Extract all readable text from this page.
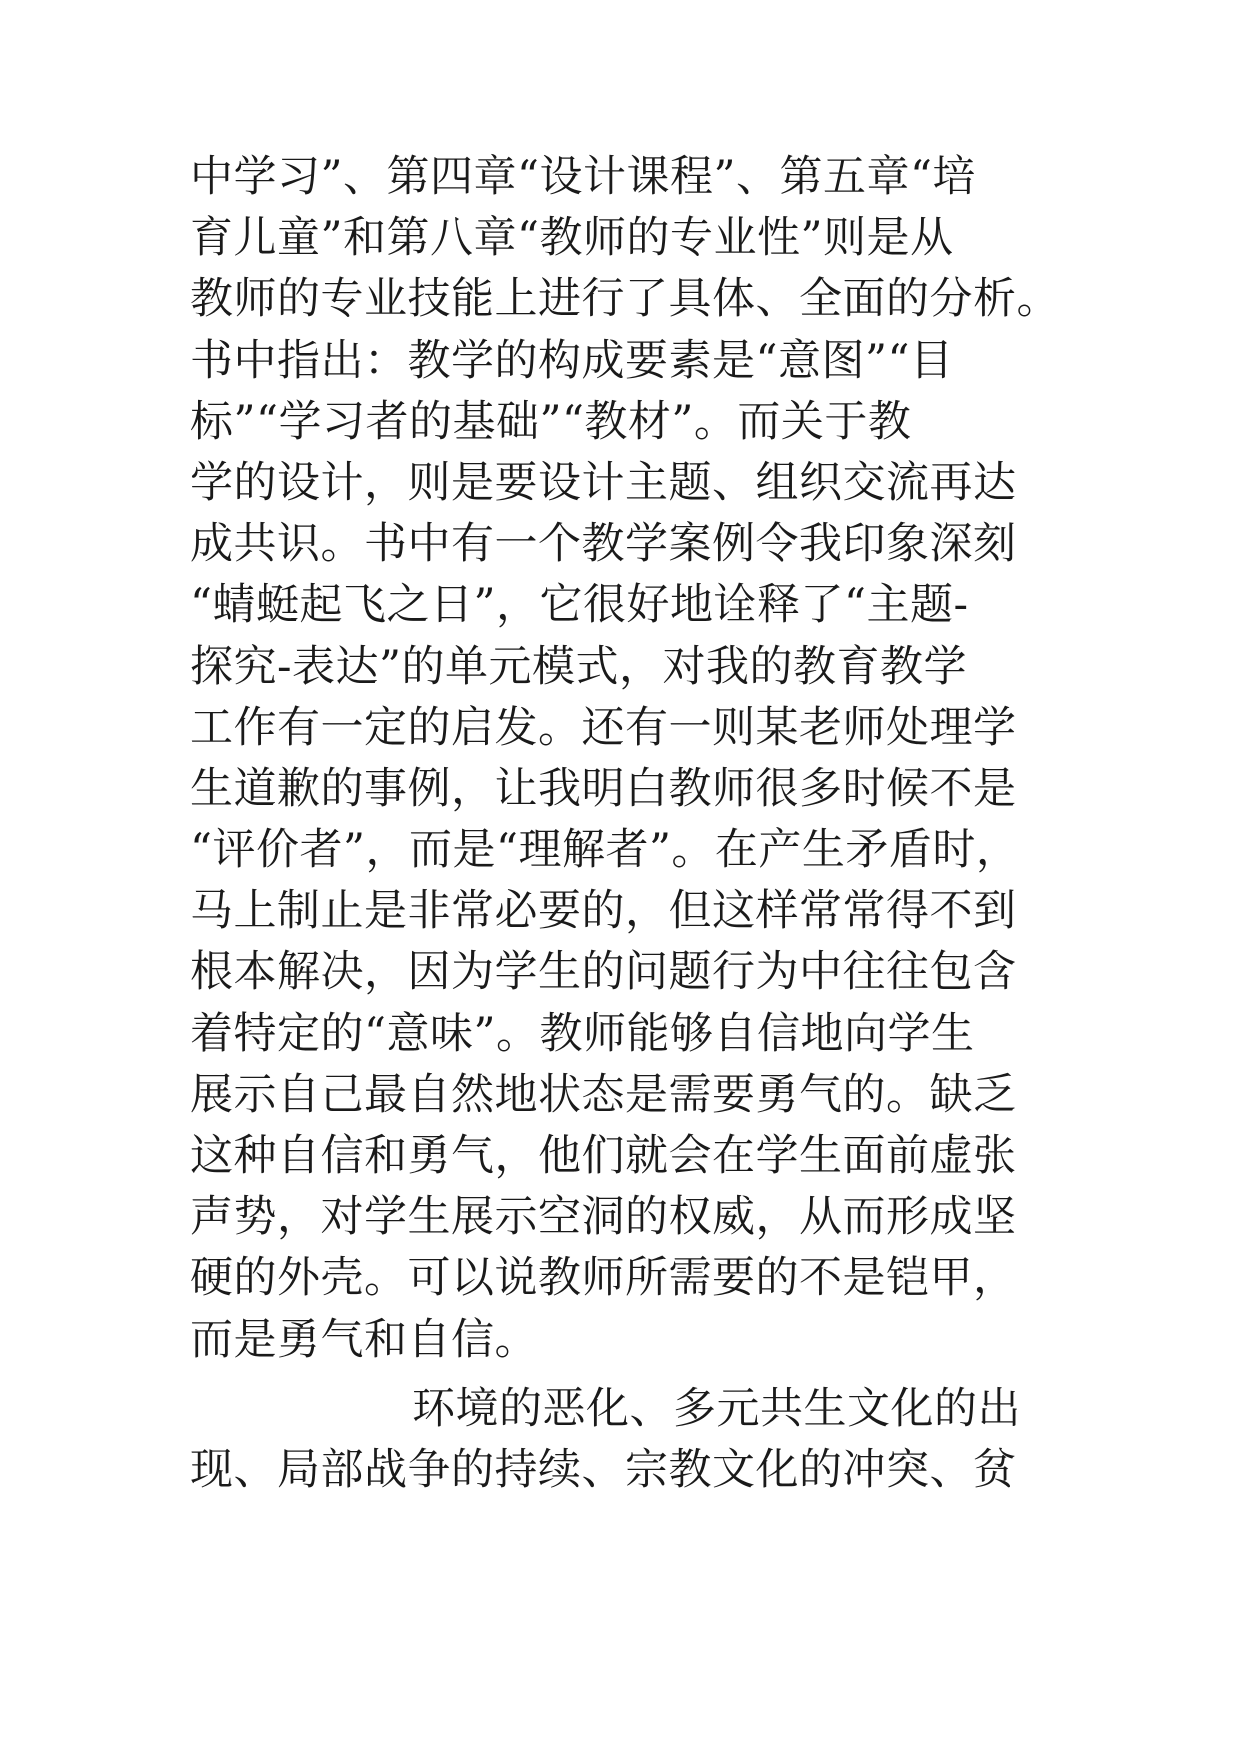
中学习”、第四章“设计课程”、第五章“培
育儿童”和第八章“教师的专业性”则是从
教师的专业技能上进行了具体、全面的分析。
书中指出：教学的构成要素是“意图”“目
标”“学习者的基础”“教材”。而关于教
学的设计，则是要设计主题、组织交流再达
成共识。书中有一个教学案例令我印象深刻
“蜻蜓起飞之日”，它很好地诠释了“主题-
探究-表达”的单元模式，对我的教育教学
工作有一定的启发。还有一则某老师处理学
生道歉的事例，让我明白教师很多时候不是
“评价者”，而是“理解者”。在产生矛盾时，
马上制止是非常必要的，但这样常常得不到
根本解决，因为学生的问题行为中往往包含
着特定的“意味”。教师能够自信地向学生
展示自己最自然地状态是需要勇气的。缺乏
这种自信和勇气，他们就会在学生面前虚张
声势，对学生展示空洞的权威，从而形成坚
硬的外壳。可以说教师所需要的不是铠甲，
而是勇气和自信。
环境的恶化、多元共生文化的出
现、局部战争的持续、宗教文化的冲突、贫
